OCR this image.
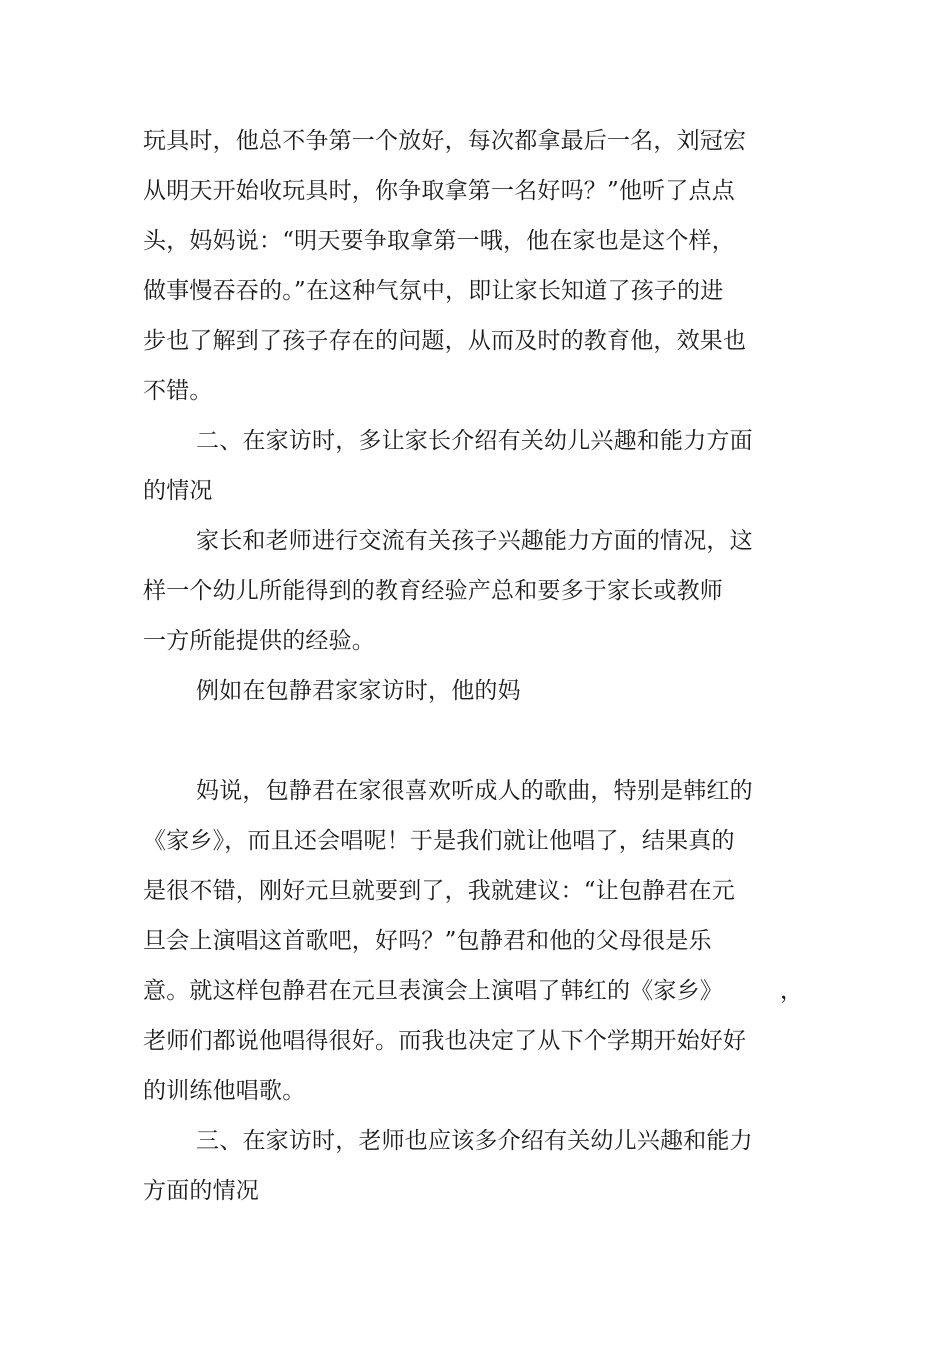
玩具时，他总不争第一个放好，每次都拿最后一名，刘冠宏
从明天开始收玩具时，你争取拿第一名好吗？”他听了点点
头，妈妈说：“明天要争取拿第一哦，他在家也是这个样，
做事慢吞吞的。”在这种气氛中，即让家长知道了孩子的进
步也了解到了孩子存在的问题，从而及时的教育他，效果也
不错。
二、在家访时，多让家长介绍有关幼儿兴趣和能力方面
的情况
家长和老师进行交流有关孩子兴趣能力方面的情况，这
样一个幼儿所能得到的教育经验产总和要多于家长或教师
一方所能提供的经验。
例如在包静君家家访时，他的妈
妈说，包静君在家很喜欢听成人的歌曲，特别是韩红的
《家乡》，而且还会唱呢！于是我们就让他唱了，结果真的
是很不错，刚好元旦就要到了，我就建议：“让包静君在元
旦会上演唱这首歌吧，好吗？”包静君和他的父母很是乐
意。就这样包静君在元旦表演会上演唱了韩红的《家乡》 ，
老师们都说他唱得很好。而我也决定了从下个学期开始好好
的训练他唱歌。
三、在家访时，老师也应该多介绍有关幼儿兴趣和能力
方面的情况
